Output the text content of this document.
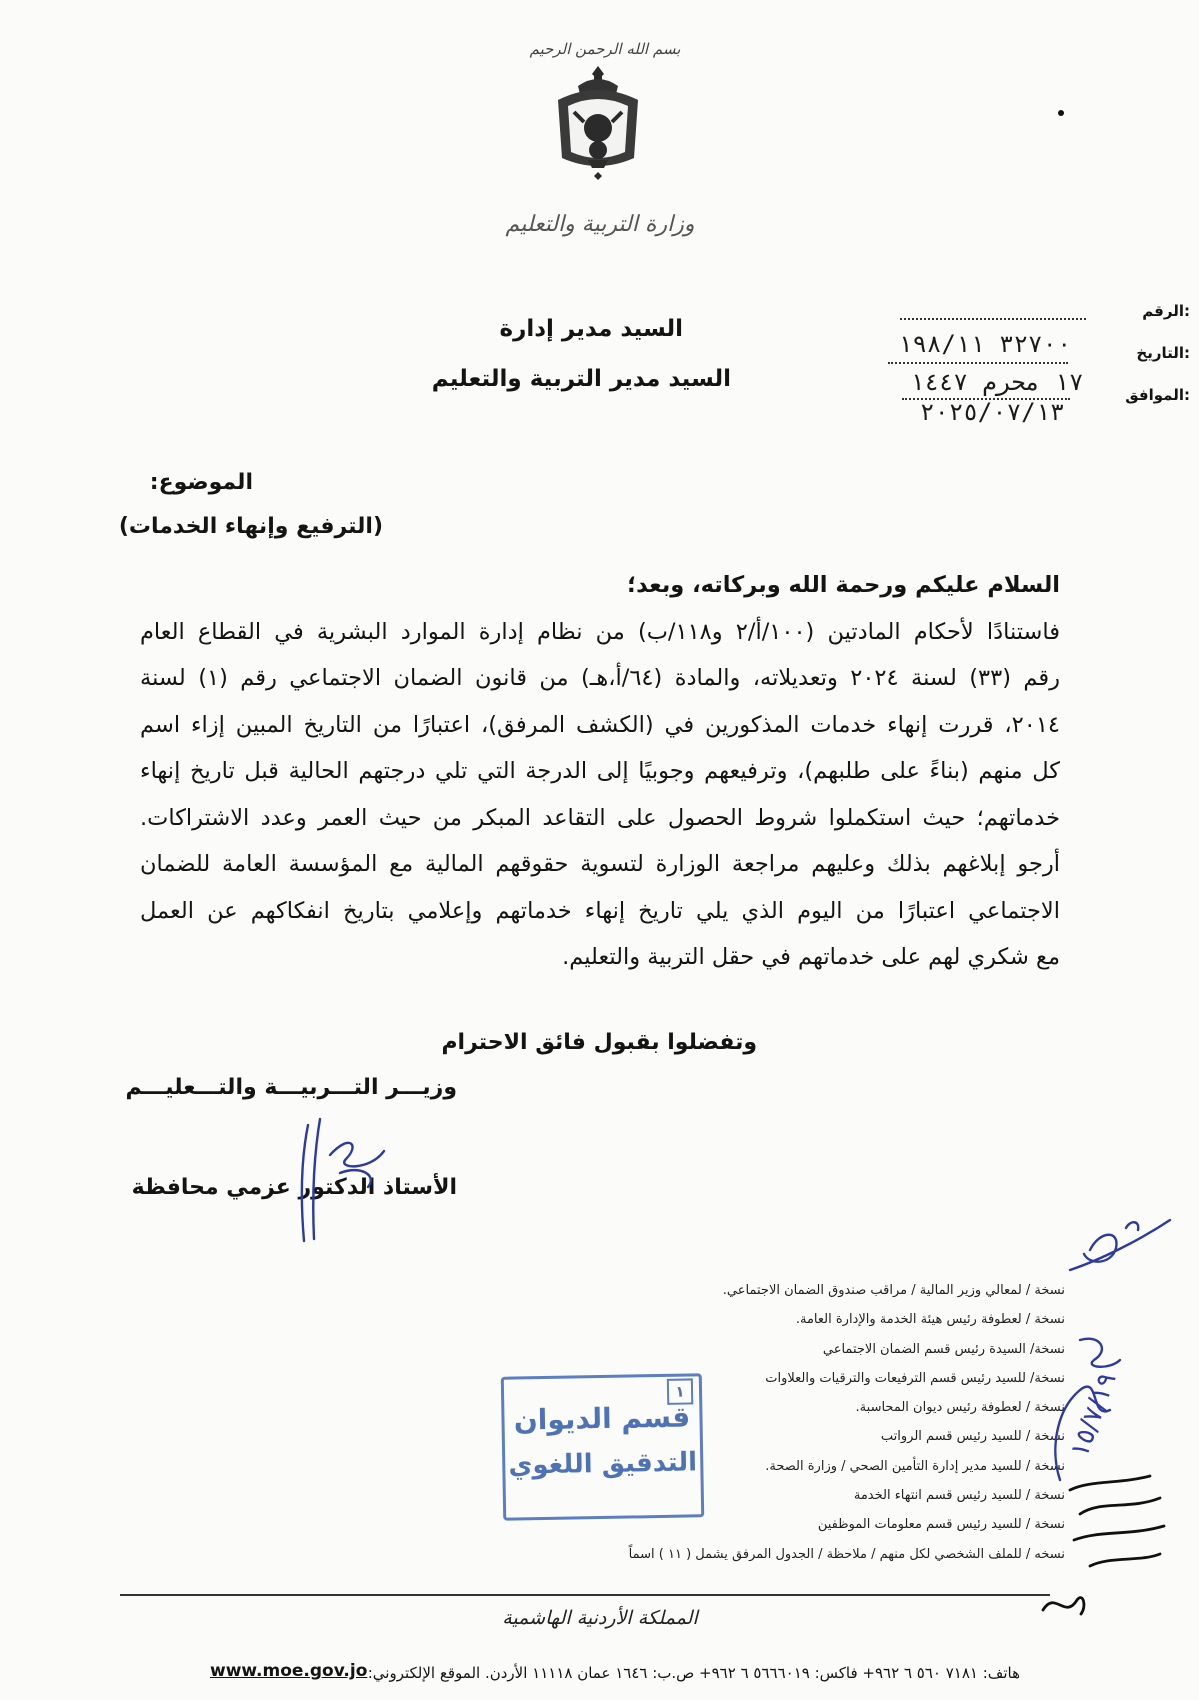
بسم الله الرحمن الرحيم
وزارة التربية والتعليم
الرقم:
التاريخ:
الموافق:
٣٢٧٠٠ ١٩٨/١١
١٧ محرم ١٤٤٧
٢٠٢٥/٠٧/١٣
السيد مدير إدارة
السيد مدير التربية والتعليم
الموضوع:
(الترفيع وإنهاء الخدمات)
السلام عليكم ورحمة الله وبركاته، وبعد؛
فاستنادًا لأحكام المادتين (١٠٠/أ/٢ و١١٨/ب) من نظام إدارة الموارد البشرية في القطاع العام
رقم (٣٣) لسنة ٢٠٢٤ وتعديلاته، والمادة (٦٤/أ،هـ) من قانون الضمان الاجتماعي رقم (١) لسنة
٢٠١٤، قررت إنهاء خدمات المذكورين في (الكشف المرفق)، اعتبارًا من التاريخ المبين إزاء اسم
كل منهم (بناءً على طلبهم)، وترفيعهم وجوبيًا إلى الدرجة التي تلي درجتهم الحالية قبل تاريخ إنهاء
خدماتهم؛ حيث استكملوا شروط الحصول على التقاعد المبكر من حيث العمر وعدد الاشتراكات.
أرجو إبلاغهم بذلك وعليهم مراجعة الوزارة لتسوية حقوقهم المالية مع المؤسسة العامة للضمان
الاجتماعي اعتبارًا من اليوم الذي يلي تاريخ إنهاء خدماتهم وإعلامي بتاريخ انفكاكهم عن العمل
مع شكري لهم على خدماتهم في حقل التربية والتعليم.
وتفضلوا بقبول فائق الاحترام
وزيـــر التـــربيـــة والتـــعليـــم
الأستاذ الدكتور عزمي محافظة
نسخة / لمعالي وزير المالية / مراقب صندوق الضمان الاجتماعي.
نسخة / لعطوفة رئيس هيئة الخدمة والإدارة العامة.
نسخة/ السيدة رئيس قسم الضمان الاجتماعي
نسخة/ للسيد رئيس قسم الترفيعات والترقيات والعلاوات
نسخة / لعطوفة رئيس ديوان المحاسبة.
نسخة / للسيد رئيس قسم الرواتب
نسخة / للسيد مدير إدارة التأمين الصحي / وزارة الصحة.
نسخة / للسيد رئيس قسم انتهاء الخدمة
نسخة / للسيد رئيس قسم معلومات الموظفين
نسخه / للملف الشخصي لكل منهم / ملاحظة / الجدول المرفق يشمل ( ١١ ) اسماً
١
قسم الديوان
التدقيق اللغوي
١٥/٧/١٩
المملكة الأردنية الهاشمية
هاتف: ٧١٨١ ٥٦٠ ٦ ٩٦٢+ فاكس: ٥٦٦٦٠١٩ ٦ ٩٦٢+ ص.ب: ١٦٤٦ عمان ١١١١٨ الأردن. الموقع الإلكتروني:
www.moe.gov.jo
